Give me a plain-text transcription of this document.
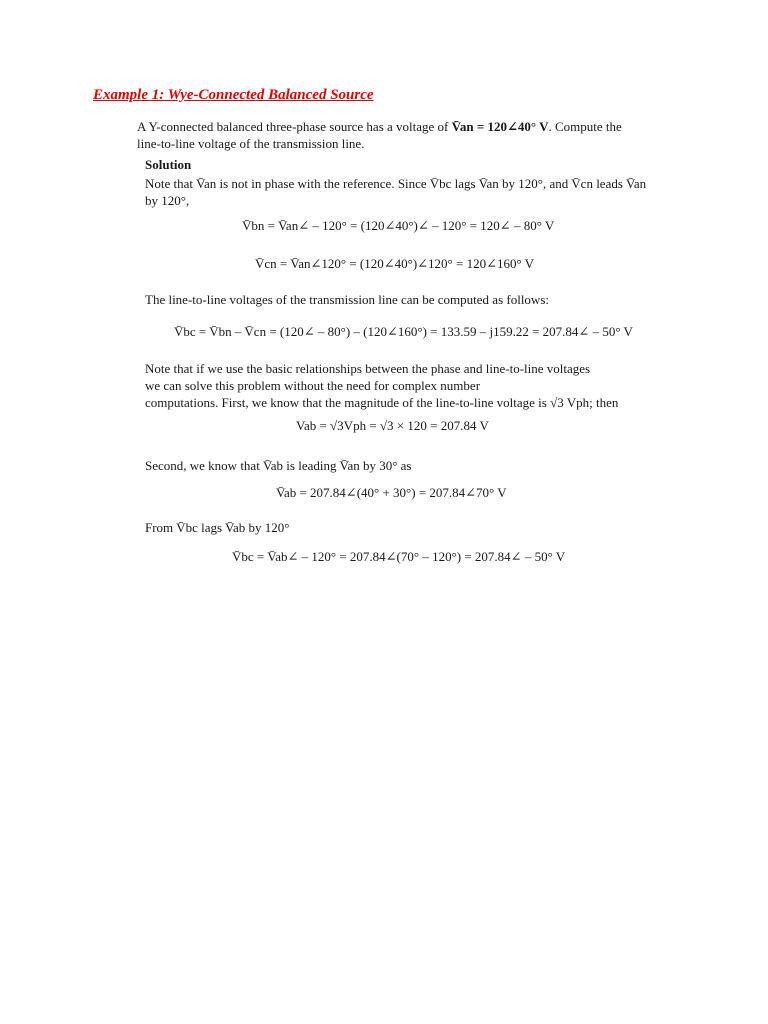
Example 1: Wye-Connected Balanced Source
A Y-connected balanced three-phase source has a voltage of V̄an = 120∠40° V. Compute the
line-to-line voltage of the transmission line.
Solution
Note that V̄an is not in phase with the reference. Since V̄bc lags V̄an by 120°, and V̄cn leads V̄an
by 120°,
V̄bn = V̄an∠ – 120° = (120∠40°)∠ – 120° = 120∠ – 80° V
V̄cn = V̄an∠120° = (120∠40°)∠120° = 120∠160° V
The line-to-line voltages of the transmission line can be computed as follows:
V̄bc = V̄bn – V̄cn = (120∠ – 80°) – (120∠160°) = 133.59 – j159.22 = 207.84∠ – 50° V
Note that if we use the basic relationships between the phase and line-to-line voltages
we can solve this problem without the need for complex number
computations. First, we know that the magnitude of the line-to-line voltage is √3 Vph; then
Vab = √3Vph = √3 × 120 = 207.84 V
Second, we know that V̄ab is leading V̄an by 30° as
V̄ab = 207.84∠(40° + 30°) = 207.84∠70° V
From V̄bc lags V̄ab by 120°
V̄bc = V̄ab∠ – 120° = 207.84∠(70° – 120°) = 207.84∠ – 50° V
